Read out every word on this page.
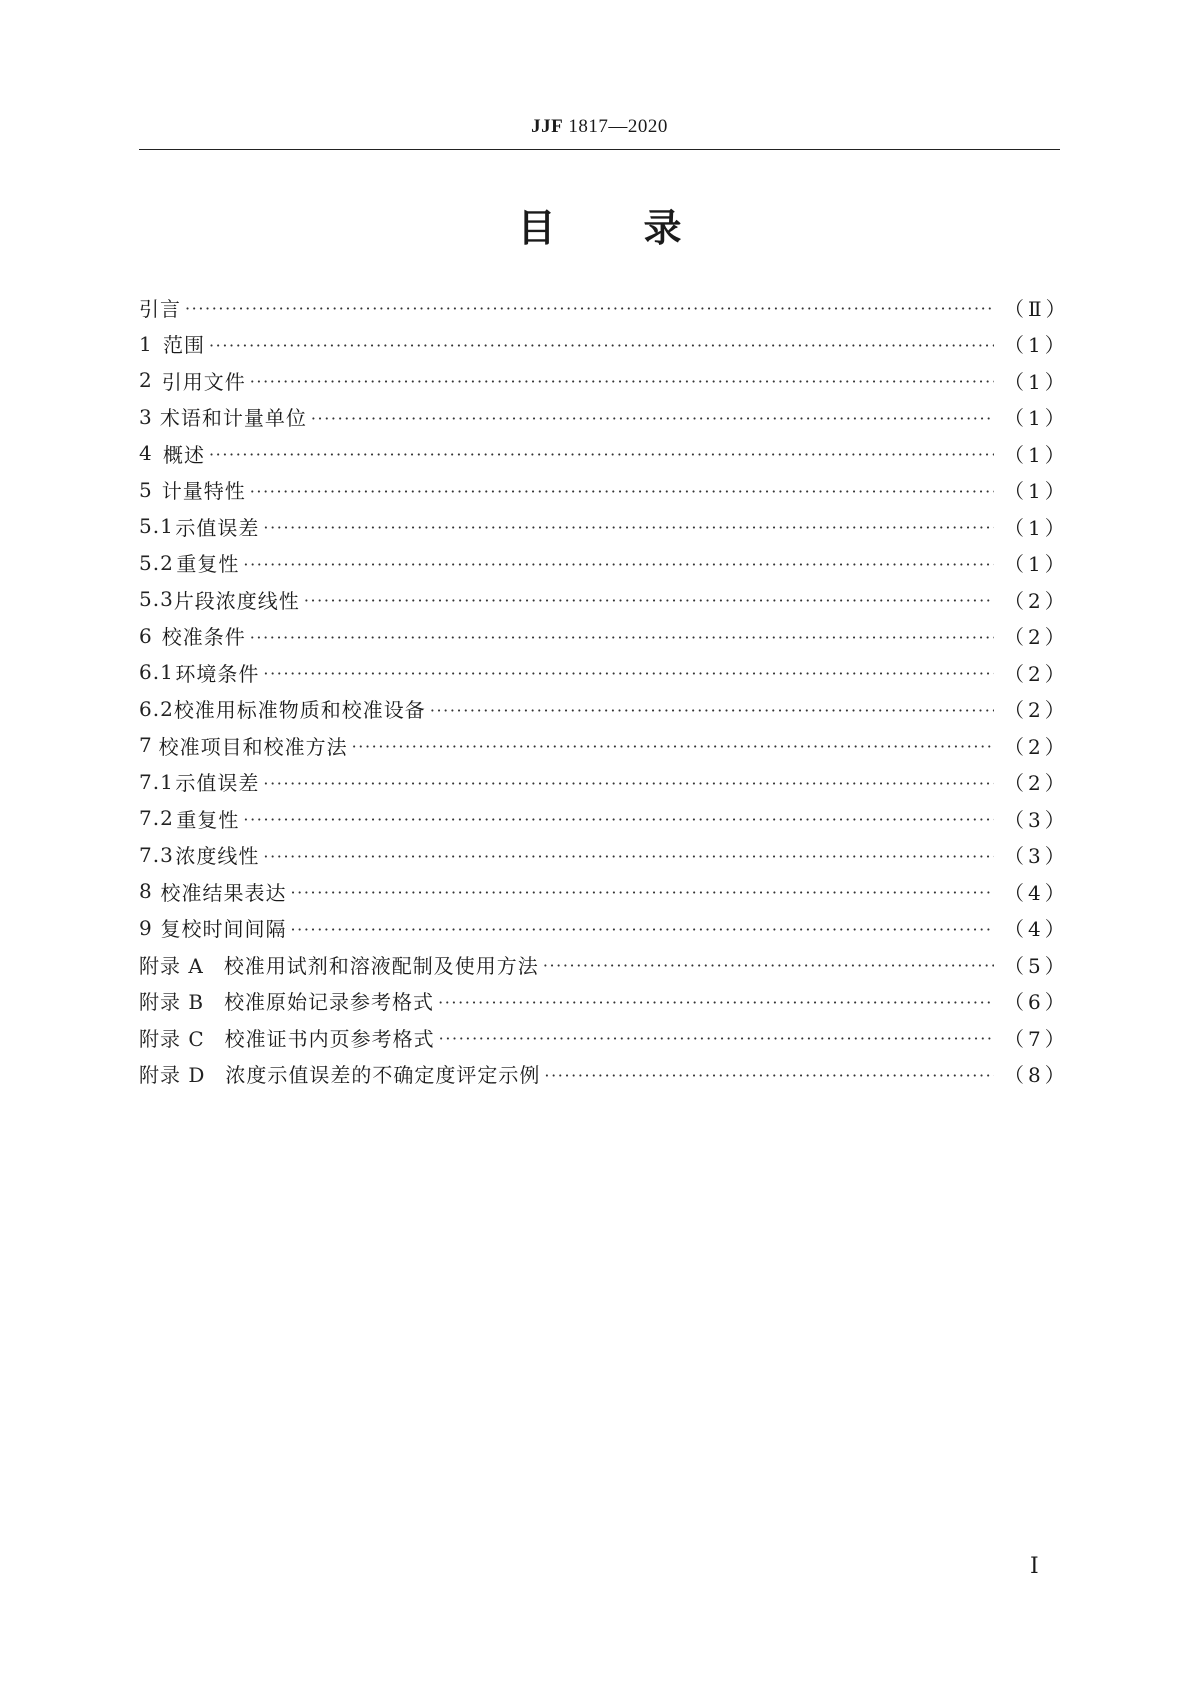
JJF 1817—2020
目录
引言 ·····	（Ⅱ）
1 范围 ·····	（1）
2 引用文件 ·····	（1）
3 术语和计量单位 ·····	（1）
4 概述 ·····	（1）
5 计量特性 ·····	（1）
5.1 示值误差 ·····	（1）
5.2 重复性 ·····	（1）
5.3 片段浓度线性 ·····	（2）
6 校准条件 ·····	（2）
6.1 环境条件 ·····	（2）
6.2 校准用标准物质和校准设备 ·····	（2）
7 校准项目和校准方法 ·····	（2）
7.1 示值误差 ·····	（2）
7.2 重复性 ·····	（3）
7.3 浓度线性 ·····	（3）
8 校准结果表达 ·····	（4）
9 复校时间间隔 ·····	（4）
附录 A 校准用试剂和溶液配制及使用方法 ·····	（5）
附录 B 校准原始记录参考格式 ·····	（6）
附录 C 校准证书内页参考格式 ·····	（7）
附录 D 浓度示值误差的不确定度评定示例 ·····	（8）
Ⅰ
